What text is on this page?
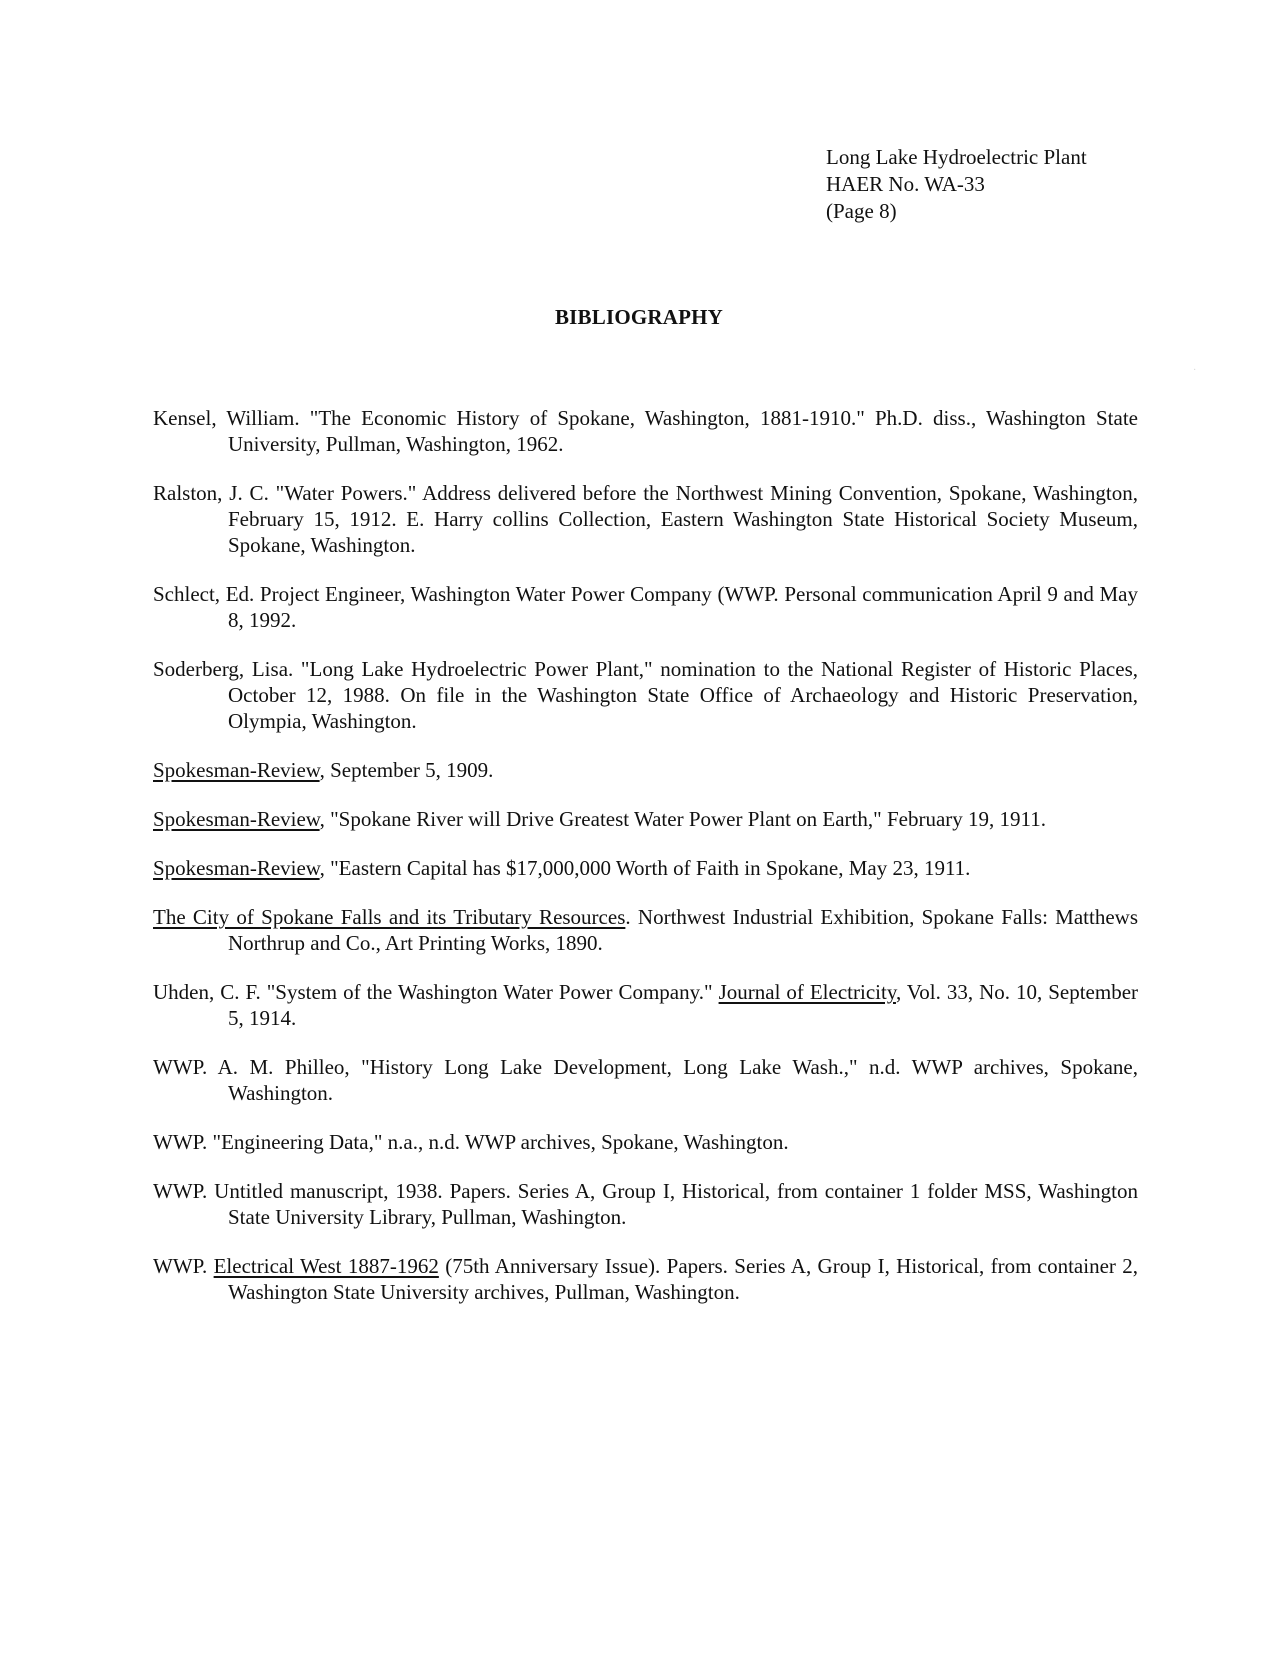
Long Lake Hydroelectric Plant
HAER No. WA-33
(Page 8)
BIBLIOGRAPHY

Kensel, William. "The Economic History of Spokane, Washington, 1881-1910." Ph.D. diss., Washington State University, Pullman, Washington, 1962.

Ralston, J. C. "Water Powers." Address delivered before the Northwest Mining Convention, Spokane, Washington, February 15, 1912. E. Harry collins Collection, Eastern Washington State Historical Society Museum, Spokane, Washington.

Schlect, Ed. Project Engineer, Washington Water Power Company (WWP. Personal communication April 9 and May 8, 1992.

Soderberg, Lisa. "Long Lake Hydroelectric Power Plant," nomination to the National Register of Historic Places, October 12, 1988. On file in the Washington State Office of Archaeology and Historic Preservation, Olympia, Washington.

Spokesman-Review, September 5, 1909.

Spokesman-Review, "Spokane River will Drive Greatest Water Power Plant on Earth," February 19, 1911.

Spokesman-Review, "Eastern Capital has $17,000,000 Worth of Faith in Spokane, May 23, 1911.

The City of Spokane Falls and its Tributary Resources. Northwest Industrial Exhibition, Spokane Falls: Matthews Northrup and Co., Art Printing Works, 1890.

Uhden, C. F. "System of the Washington Water Power Company." Journal of Electricity, Vol. 33, No. 10, September 5, 1914.

WWP. A. M. Philleo, "History Long Lake Development, Long Lake Wash.," n.d. WWP archives, Spokane, Washington.

WWP. "Engineering Data," n.a., n.d. WWP archives, Spokane, Washington.

WWP. Untitled manuscript, 1938. Papers. Series A, Group I, Historical, from container 1 folder MSS, Washington State University Library, Pullman, Washington.

WWP. Electrical West 1887-1962 (75th Anniversary Issue). Papers. Series A, Group I, Historical, from container 2, Washington State University archives, Pullman, Washington.

·
